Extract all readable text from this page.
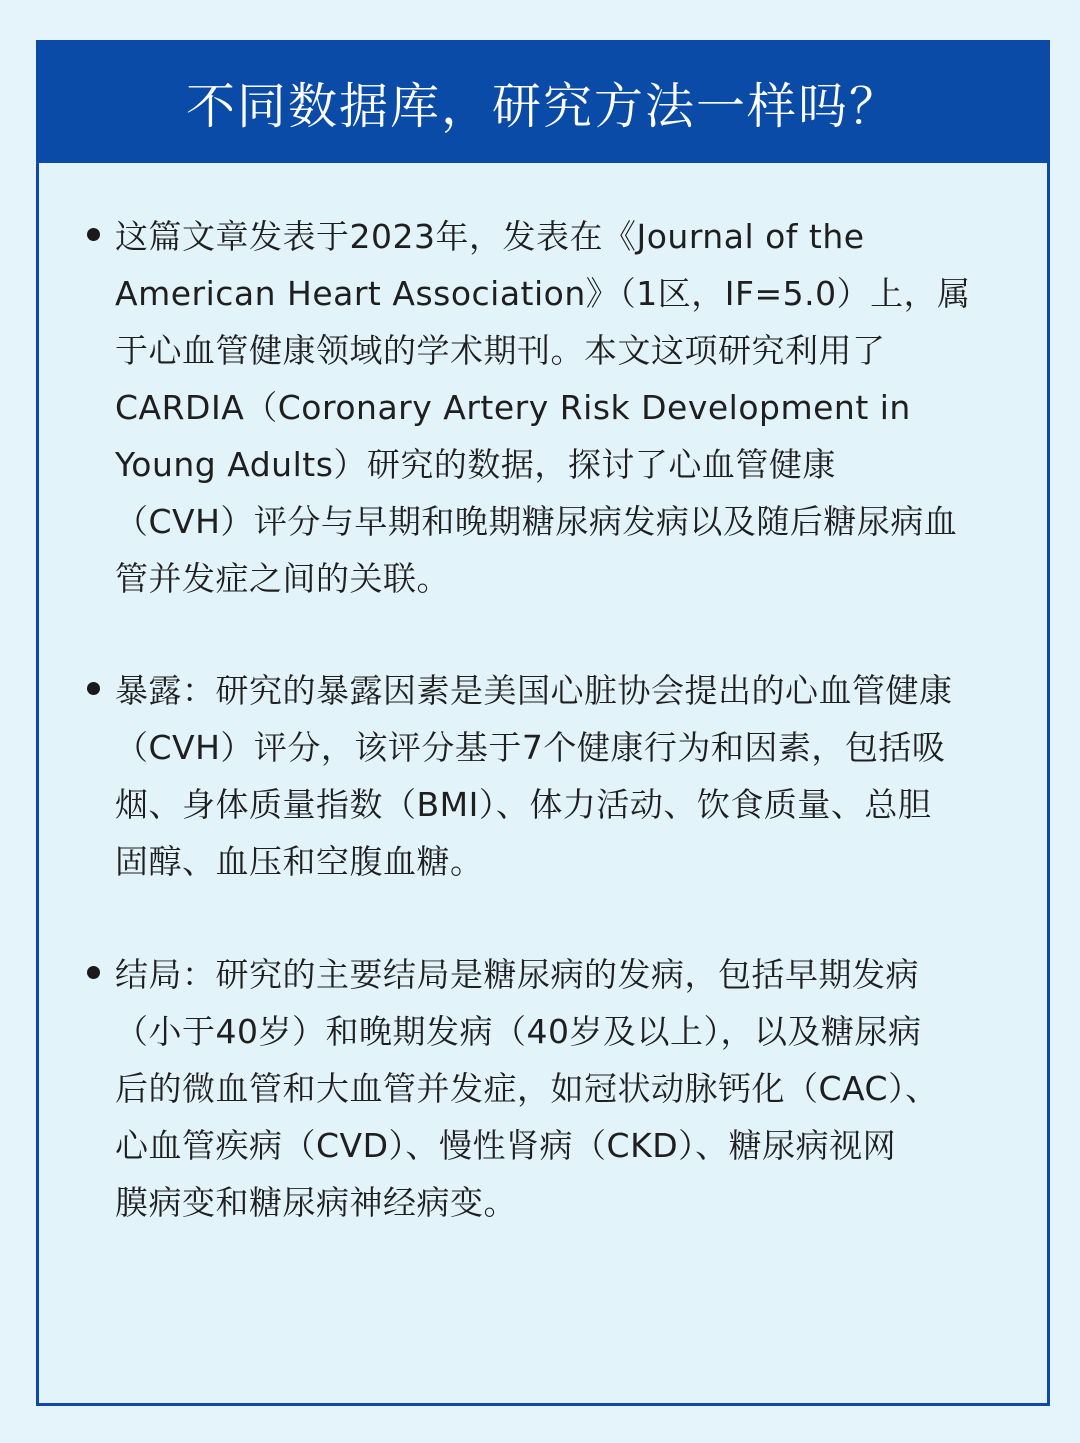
不同数据库，研究方法一样吗？
这篇文章发表于2023年，发表在《Journal of the
American Heart Association》（1区，IF=5.0）上，属
于心血管健康领域的学术期刊。本文这项研究利用了
CARDIA（Coronary Artery Risk Development in
Young Adults）研究的数据，探讨了心血管健康
（CVH）评分与早期和晚期糖尿病发病以及随后糖尿病血
管并发症之间的关联。
暴露：研究的暴露因素是美国心脏协会提出的心血管健康
（CVH）评分，该评分基于7个健康行为和因素，包括吸
烟、身体质量指数（BMI）、体力活动、饮食质量、总胆
固醇、血压和空腹血糖。
结局：研究的主要结局是糖尿病的发病，包括早期发病
（小于40岁）和晚期发病（40岁及以上），以及糖尿病
后的微血管和大血管并发症，如冠状动脉钙化（CAC）、
心血管疾病（CVD）、慢性肾病（CKD）、糖尿病视网
膜病变和糖尿病神经病变。
